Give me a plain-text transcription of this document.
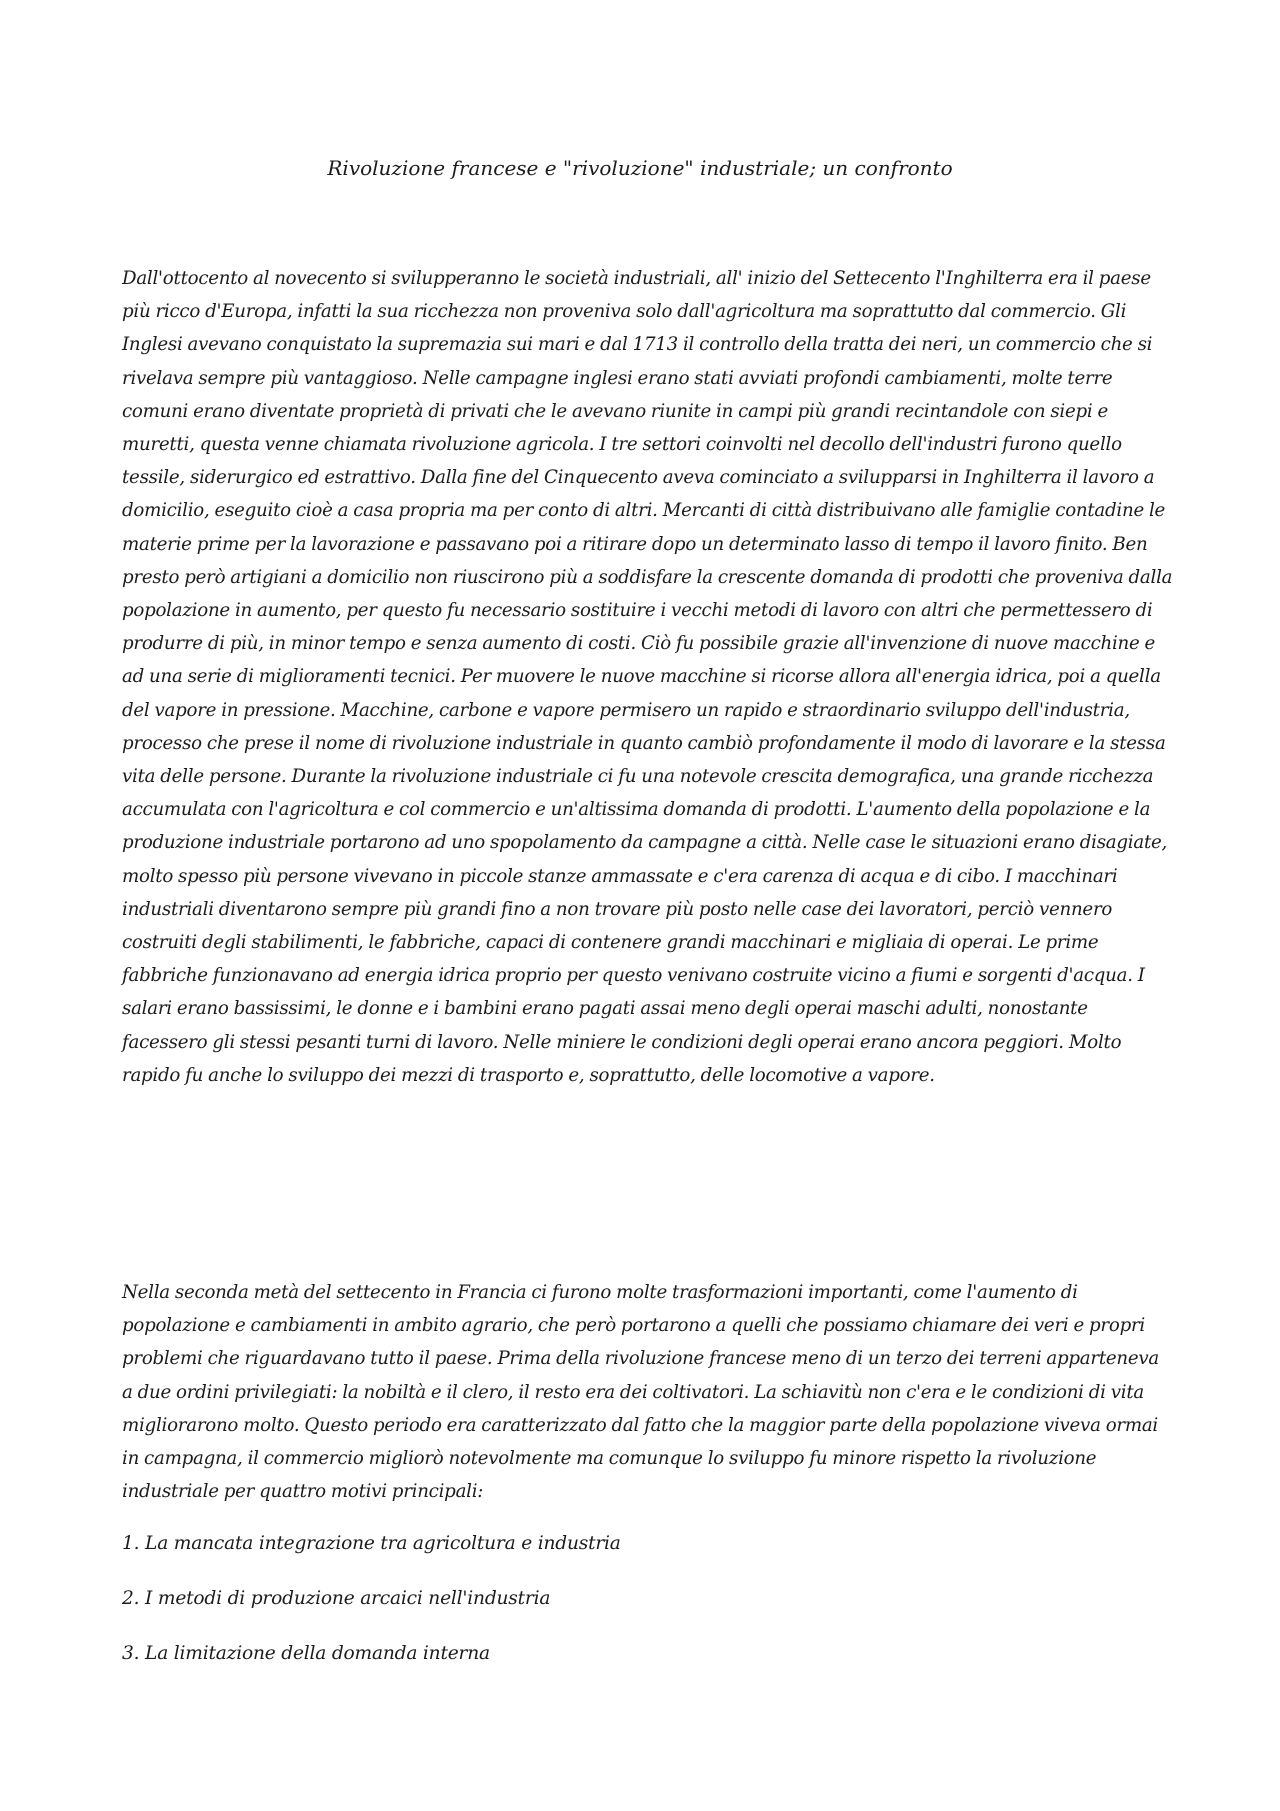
Rivoluzione francese e "rivoluzione" industriale; un confronto

Dall'ottocento al novecento si svilupperanno le società industriali, all' inizio del Settecento l'Inghilterra era il paese più ricco d'Europa, infatti la sua ricchezza non proveniva solo dall'agricoltura ma soprattutto dal commercio. Gli Inglesi avevano conquistato la supremazia sui mari e dal 1713 il controllo della tratta dei neri, un commercio che si rivelava sempre più vantaggioso. Nelle campagne inglesi erano stati avviati profondi cambiamenti, molte terre comuni erano diventate proprietà di privati che le avevano riunite in campi più grandi recintandole con siepi e muretti, questa venne chiamata rivoluzione agricola. I tre settori coinvolti nel decollo dell'industri furono quello tessile, siderurgico ed estrattivo. Dalla fine del Cinquecento aveva cominciato a svilupparsi in Inghilterra il lavoro a domicilio, eseguito cioè a casa propria ma per conto di altri. Mercanti di città distribuivano alle famiglie contadine le materie prime per la lavorazione e passavano poi a ritirare dopo un determinato lasso di tempo il lavoro finito. Ben presto però artigiani a domicilio non riuscirono più a soddisfare la crescente domanda di prodotti che proveniva dalla popolazione in aumento, per questo fu necessario sostituire i vecchi metodi di lavoro con altri che permettessero di produrre di più, in minor tempo e senza aumento di costi. Ciò fu possibile grazie all'invenzione di nuove macchine e ad una serie di miglioramenti tecnici. Per muovere le nuove macchine si ricorse allora all'energia idrica, poi a quella del vapore in pressione. Macchine, carbone e vapore permisero un rapido e straordinario sviluppo dell'industria, processo che prese il nome di rivoluzione industriale in quanto cambiò profondamente il modo di lavorare e la stessa vita delle persone. Durante la rivoluzione industriale ci fu una notevole crescita demografica, una grande ricchezza accumulata con l'agricoltura e col commercio e un'altissima domanda di prodotti. L'aumento della popolazione e la produzione industriale portarono ad uno spopolamento da campagne a città. Nelle case le situazioni erano disagiate, molto spesso più persone vivevano in piccole stanze ammassate e c'era carenza di acqua e di cibo. I macchinari industriali diventarono sempre più grandi fino a non trovare più posto nelle case dei lavoratori, perciò vennero costruiti degli stabilimenti, le fabbriche, capaci di contenere grandi macchinari e migliaia di operai. Le prime fabbriche funzionavano ad energia idrica proprio per questo venivano costruite vicino a fiumi e sorgenti d'acqua. I salari erano bassissimi, le donne e i bambini erano pagati assai meno degli operai maschi adulti, nonostante facessero gli stessi pesanti turni di lavoro. Nelle miniere le condizioni degli operai erano ancora peggiori. Molto rapido fu anche lo sviluppo dei mezzi di trasporto e, soprattutto, delle locomotive a vapore.

Nella seconda metà del settecento in Francia ci furono molte trasformazioni importanti, come l'aumento di popolazione e cambiamenti in ambito agrario, che però portarono a quelli che possiamo chiamare dei veri e propri problemi che riguardavano tutto il paese. Prima della rivoluzione francese meno di un terzo dei terreni apparteneva a due ordini privilegiati: la nobiltà e il clero, il resto era dei coltivatori. La schiavitù non c'era e le condizioni di vita migliorarono molto. Questo periodo era caratterizzato dal fatto che la maggior parte della popolazione viveva ormai in campagna, il commercio migliorò notevolmente ma comunque lo sviluppo fu minore rispetto la rivoluzione industriale per quattro motivi principali:

1. La mancata integrazione tra agricoltura e industria
2. I metodi di produzione arcaici nell'industria
3. La limitazione della domanda interna
